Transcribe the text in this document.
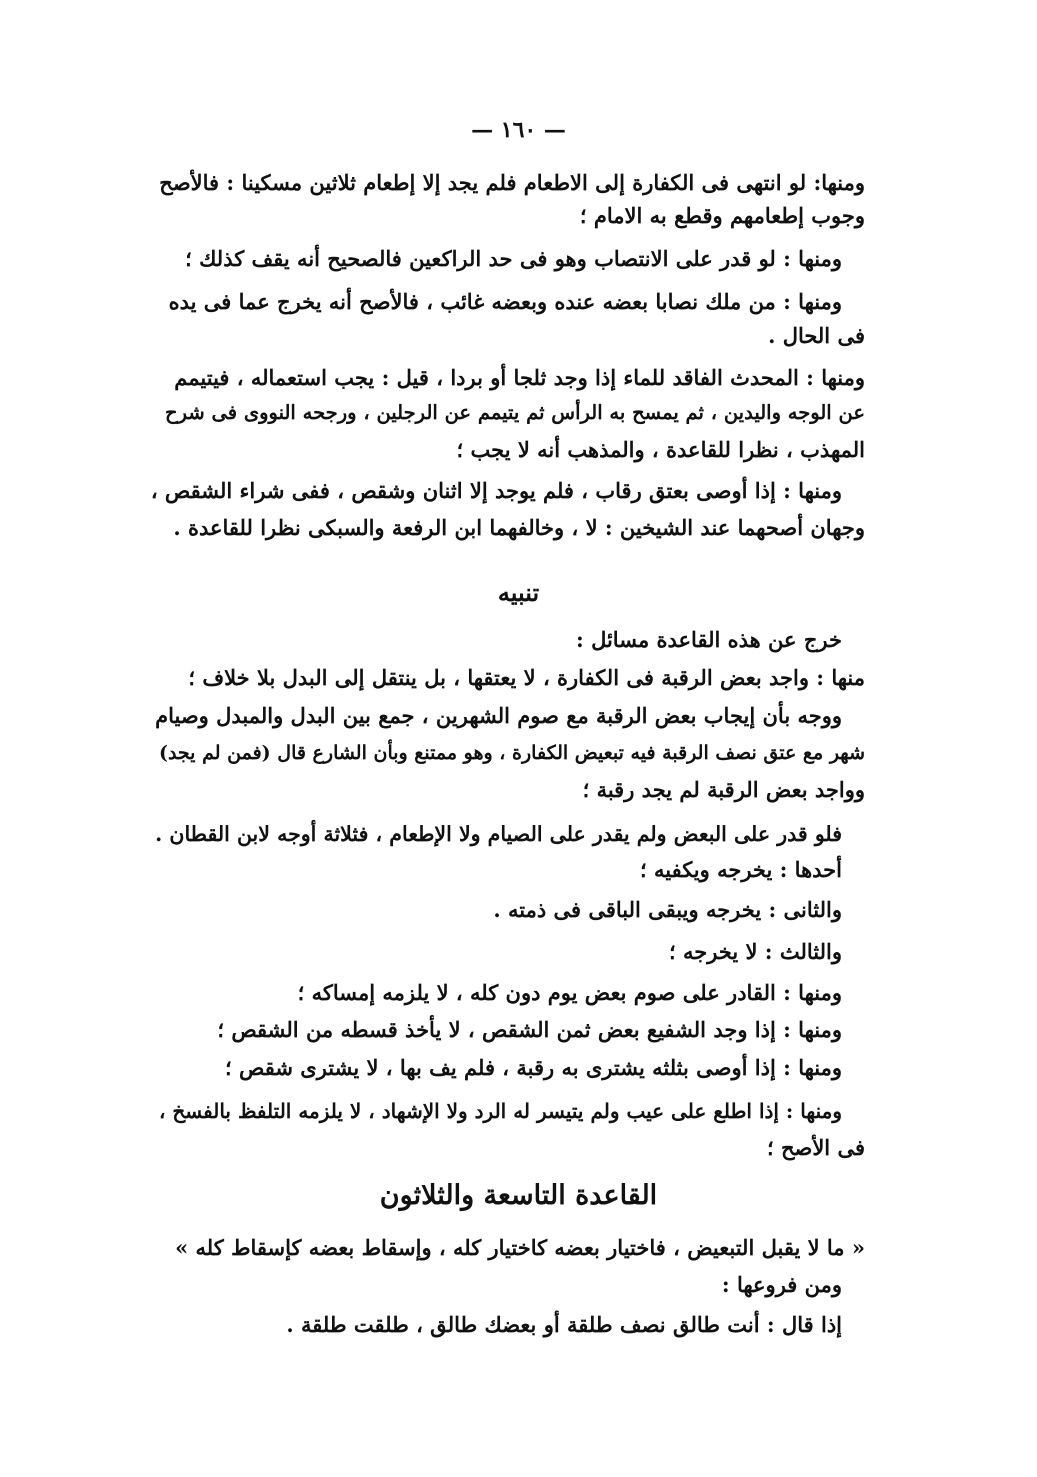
— ١٦٠ —
ومنها: لو انتهى فى الكفارة إلى الاطعام فلم يجد إلا إطعام ثلاثين مسكينا : فالأصح
وجوب إطعامهم وقطع به الامام ؛
ومنها : لو قدر على الانتصاب وهو فى حد الراكعين فالصحيح أنه يقف كذلك ؛
ومنها : من ملك نصابا بعضه عنده وبعضه غائب ، فالأصح أنه يخرج عما فى يده
فى الحال .
ومنها : المحدث الفاقد للماء إذا وجد ثلجا أو بردا ، قيل : يجب استعماله ، فيتيمم
عن الوجه واليدين ، ثم يمسح به الرأس ثم يتيمم عن الرجلين ، ورجحه النووى فى شرح
المهذب ، نظرا للقاعدة ، والمذهب أنه لا يجب ؛
ومنها : إذا أوصى بعتق رقاب ، فلم يوجد إلا اثنان وشقص ، ففى شراء الشقص ،
وجهان أصحهما عند الشيخين : لا ، وخالفهما ابن الرفعة والسبكى نظرا للقاعدة .
تنبيه
خرج عن هذه القاعدة مسائل :
منها : واجد بعض الرقبة فى الكفارة ، لا يعتقها ، بل ينتقل إلى البدل بلا خلاف ؛
ووجه بأن إيجاب بعض الرقبة مع صوم الشهرين ، جمع بين البدل والمبدل وصيام
شهر مع عتق نصف الرقبة فيه تبعيض الكفارة ، وهو ممتنع وبأن الشارع قال (فمن لم يجد)
وواجد بعض الرقبة لم يجد رقبة ؛
فلو قدر على البعض ولم يقدر على الصيام ولا الإطعام ، فثلاثة أوجه لابن القطان .
أحدها : يخرجه ويكفيه ؛
والثانى : يخرجه ويبقى الباقى فى ذمته .
والثالث : لا يخرجه ؛
ومنها : القادر على صوم بعض يوم دون كله ، لا يلزمه إمساكه ؛
ومنها : إذا وجد الشفيع بعض ثمن الشقص ، لا يأخذ قسطه من الشقص ؛
ومنها : إذا أوصى بثلثه يشترى به رقبة ، فلم يف بها ، لا يشترى شقص ؛
ومنها : إذا اطلع على عيب ولم يتيسر له الرد ولا الإشهاد ، لا يلزمه التلفظ بالفسخ ،
فى الأصح ؛
القاعدة التاسعة والثلاثون
« ما لا يقبل التبعيض ، فاختيار بعضه كاختيار كله ، وإسقاط بعضه كإسقاط كله »
ومن فروعها :
إذا قال : أنت طالق نصف طلقة أو بعضك طالق ، طلقت طلقة .
